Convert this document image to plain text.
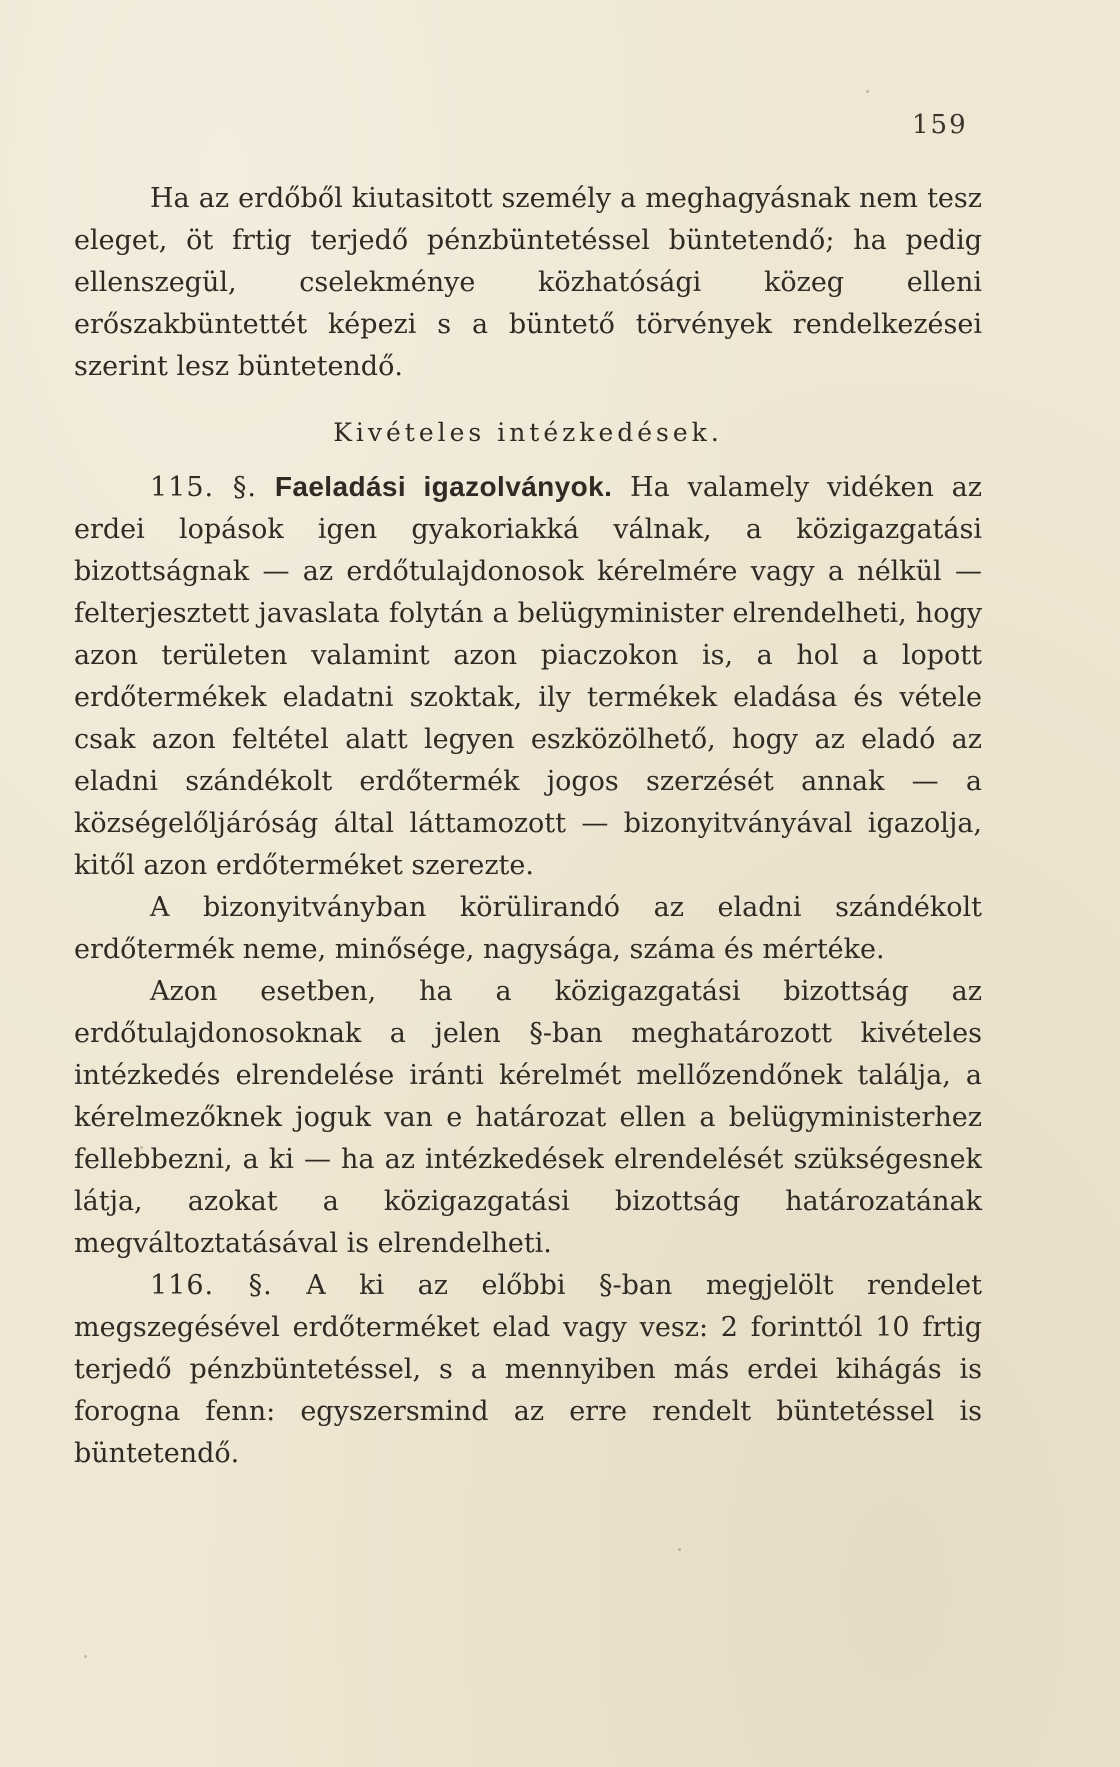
159

Ha az erdőből kiutasitott személy a meghagyásnak nem tesz eleget, öt frtig terjedő pénzbüntetéssel büntetendő; ha pedig ellenszegül, cselekménye közhatósági közeg elleni erőszakbüntettét képezi s a büntető törvények rendelkezései szerint lesz büntetendő.

Kivételes intézkedések.

115. §. Faeladási igazolványok. Ha valamely vidéken az erdei lopások igen gyakoriakká válnak, a közigazgatási bizottságnak — az erdőtulajdonosok kérelmére vagy a nélkül — felterjesztett javaslata folytán a belügyminister elrendelheti, hogy azon területen valamint azon piaczokon is, a hol a lopott erdőtermékek eladatni szoktak, ily termékek eladása és vétele csak azon feltétel alatt legyen eszközölhető, hogy az eladó az eladni szándékolt erdőtermék jogos szerzését annak — a községelőljáróság által láttamozott — bizonyitványával igazolja, kitől azon erdőterméket szerezte.

A bizonyitványban körülirandó az eladni szándékolt erdőtermék neme, minősége, nagysága, száma és mértéke.

Azon esetben, ha a közigazgatási bizottság az erdőtulajdonosoknak a jelen §-ban meghatározott kivételes intézkedés elrendelése iránti kérelmét mellőzendőnek találja, a kérelmezőknek joguk van e határozat ellen a belügyministerhez fellebbezni, a ki — ha az intézkedések elrendelését szükségesnek látja, azokat a közigazgatási bizottság határozatának megváltoztatásával is elrendelheti.

116. §. A ki az előbbi §-ban megjelölt rendelet megszegésével erdőterméket elad vagy vesz: 2 forinttól 10 frtig terjedő pénzbüntetéssel, s a mennyiben más erdei kihágás is forogna fenn: egyszersmind az erre rendelt büntetéssel is büntetendő.
